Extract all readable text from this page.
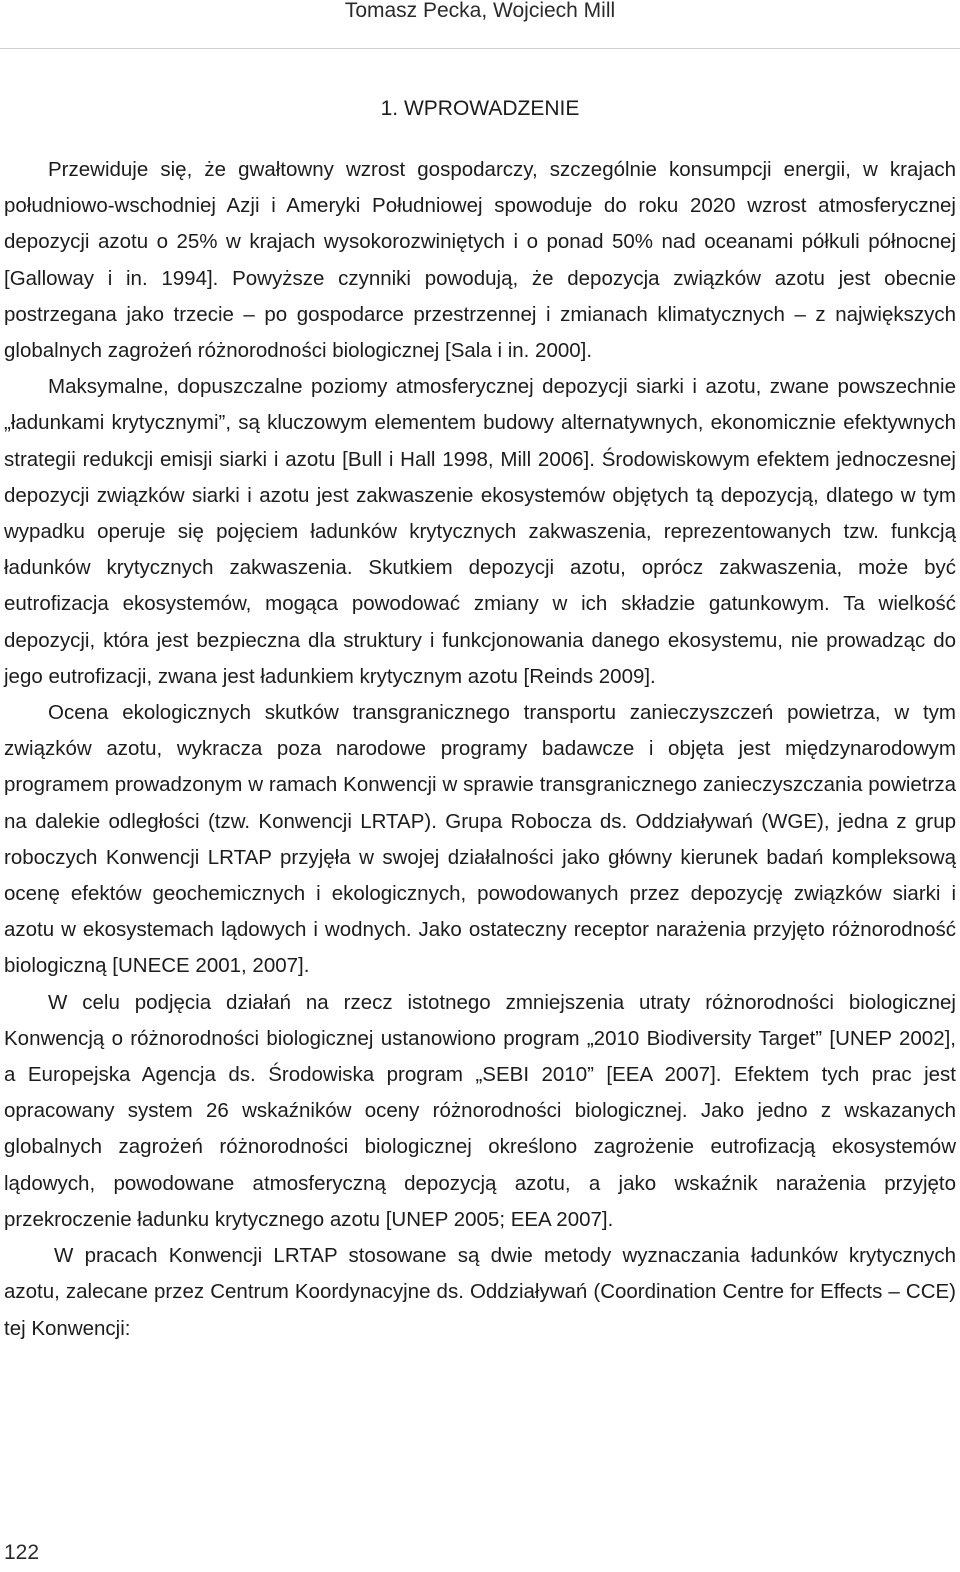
Tomasz Pecka, Wojciech Mill
1. WPROWADZENIE

Przewiduje się, że gwałtowny wzrost gospodarczy, szczególnie konsumpcji energii, w krajach południowo-wschodniej Azji i Ameryki Południowej spowoduje do roku 2020 wzrost atmosferycznej depozycji azotu o 25% w krajach wysokorozwiniętych i o ponad 50% nad oceanami półkuli północnej [Galloway i in. 1994]. Powyższe czynniki powodują, że depozycja związków azotu jest obecnie postrzegana jako trzecie – po gospodarce przestrzennej i zmianach klimatycznych – z największych globalnych zagrożeń różnorodności biologicznej [Sala i in. 2000].

Maksymalne, dopuszczalne poziomy atmosferycznej depozycji siarki i azotu, zwane powszechnie „ładunkami krytycznymi”, są kluczowym elementem budowy alternatywnych, ekonomicznie efektywnych strategii redukcji emisji siarki i azotu [Bull i Hall 1998, Mill 2006]. Środowiskowym efektem jednoczesnej depozycji związków siarki i azotu jest zakwaszenie ekosystemów objętych tą depozycją, dlatego w tym wypadku operuje się pojęciem ładunków krytycznych zakwaszenia, reprezentowanych tzw. funkcją ładunków krytycznych zakwaszenia. Skutkiem depozycji azotu, oprócz zakwaszenia, może być eutrofizacja ekosystemów, mogąca powodować zmiany w ich składzie gatunkowym. Ta wielkość depozycji, która jest bezpieczna dla struktury i funkcjonowania danego ekosystemu, nie prowadząc do jego eutrofizacji, zwana jest ładunkiem krytycznym azotu [Reinds 2009].

Ocena ekologicznych skutków transgranicznego transportu zanieczyszczeń powietrza, w tym związków azotu, wykracza poza narodowe programy badawcze i objęta jest międzynarodowym programem prowadzonym w ramach Konwencji w sprawie transgranicznego zanieczyszczania powietrza na dalekie odległości (tzw. Konwencji LRTAP). Grupa Robocza ds. Oddziaływań (WGE), jedna z grup roboczych Konwencji LRTAP przyjęła w swojej działalności jako główny kierunek badań kompleksową ocenę efektów geochemicznych i ekologicznych, powodowanych przez depozycję związków siarki i azotu w ekosystemach lądowych i wodnych. Jako ostateczny receptor narażenia przyjęto różnorodność biologiczną [UNECE 2001, 2007].

W celu podjęcia działań na rzecz istotnego zmniejszenia utraty różnorodności biologicznej Konwencją o różnorodności biologicznej ustanowiono program „2010 Biodiversity Target” [UNEP 2002], a Europejska Agencja ds. Środowiska program „SEBI 2010” [EEA 2007]. Efektem tych prac jest opracowany system 26 wskaźników oceny różnorodności biologicznej. Jako jedno z wskazanych globalnych zagrożeń różnorodności biologicznej określono zagrożenie eutrofizacją ekosystemów lądowych, powodowane atmosferyczną depozycją azotu, a jako wskaźnik narażenia przyjęto przekroczenie ładunku krytycznego azotu [UNEP 2005; EEA 2007].

W pracach Konwencji LRTAP stosowane są dwie metody wyznaczania ładunków krytycznych azotu, zalecane przez Centrum Koordynacyjne ds. Oddziaływań (Coordination Centre for Effects – CCE) tej Konwencji:

122
